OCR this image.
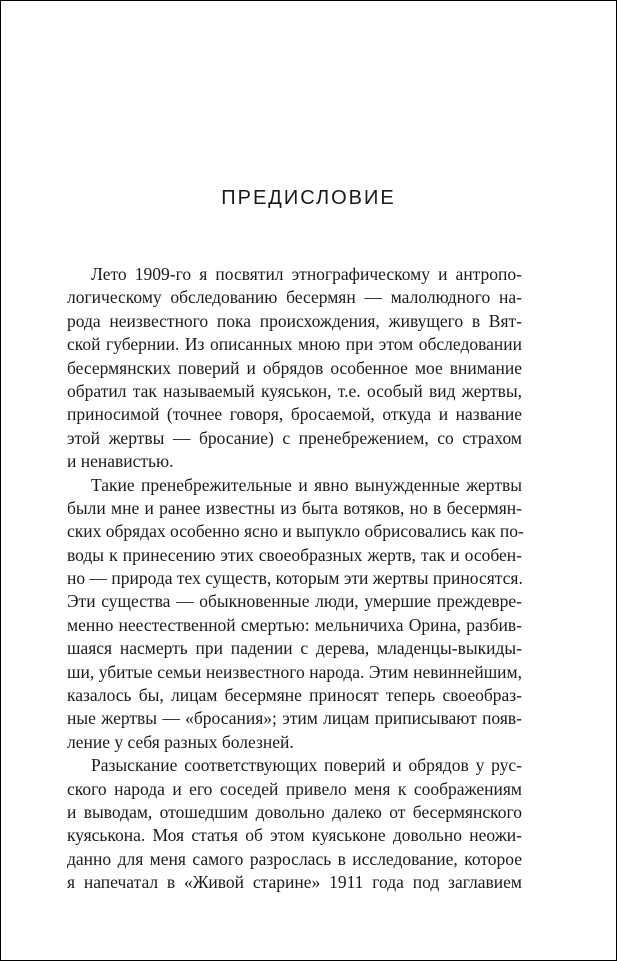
ПРЕДИСЛОВИЕ

Лето 1909-го я посвятил этнографическому и антропо-
логическому обследованию бесермян — малолюдного на-
рода неизвестного пока происхождения, живущего в Вят-
ской губернии. Из описанных мною при этом обследовании
бесермянских поверий и обрядов особенное мое внимание
обратил так называемый куяськон, т.е. особый вид жертвы,
приносимой (точнее говоря, бросаемой, откуда и название
этой жертвы — бросание) с пренебрежением, со страхом
и ненавистью.

Такие пренебрежительные и явно вынужденные жертвы
были мне и ранее известны из быта вотяков, но в бесермян-
ских обрядах особенно ясно и выпукло обрисовались как по-
воды к принесению этих своеобразных жертв, так и особен-
но — природа тех существ, которым эти жертвы приносятся.
Эти существа — обыкновенные люди, умершие преждевре-
менно неестественной смертью: мельничиха Орина, разбив-
шаяся насмерть при падении с дерева, младенцы-выкиды-
ши, убитые семьи неизвестного народа. Этим невиннейшим,
казалось бы, лицам бесермяне приносят теперь своеобраз-
ные жертвы — «бросания»; этим лицам приписывают появ-
ление у себя разных болезней.

Разыскание соответствующих поверий и обрядов у рус-
ского народа и его соседей привело меня к соображениям
и выводам, отошедшим довольно далеко от бесермянского
куяськона. Моя статья об этом куяськоне довольно неожи-
данно для меня самого разрослась в исследование, которое
я напечатал в «Живой старине» 1911 года под заглавием
